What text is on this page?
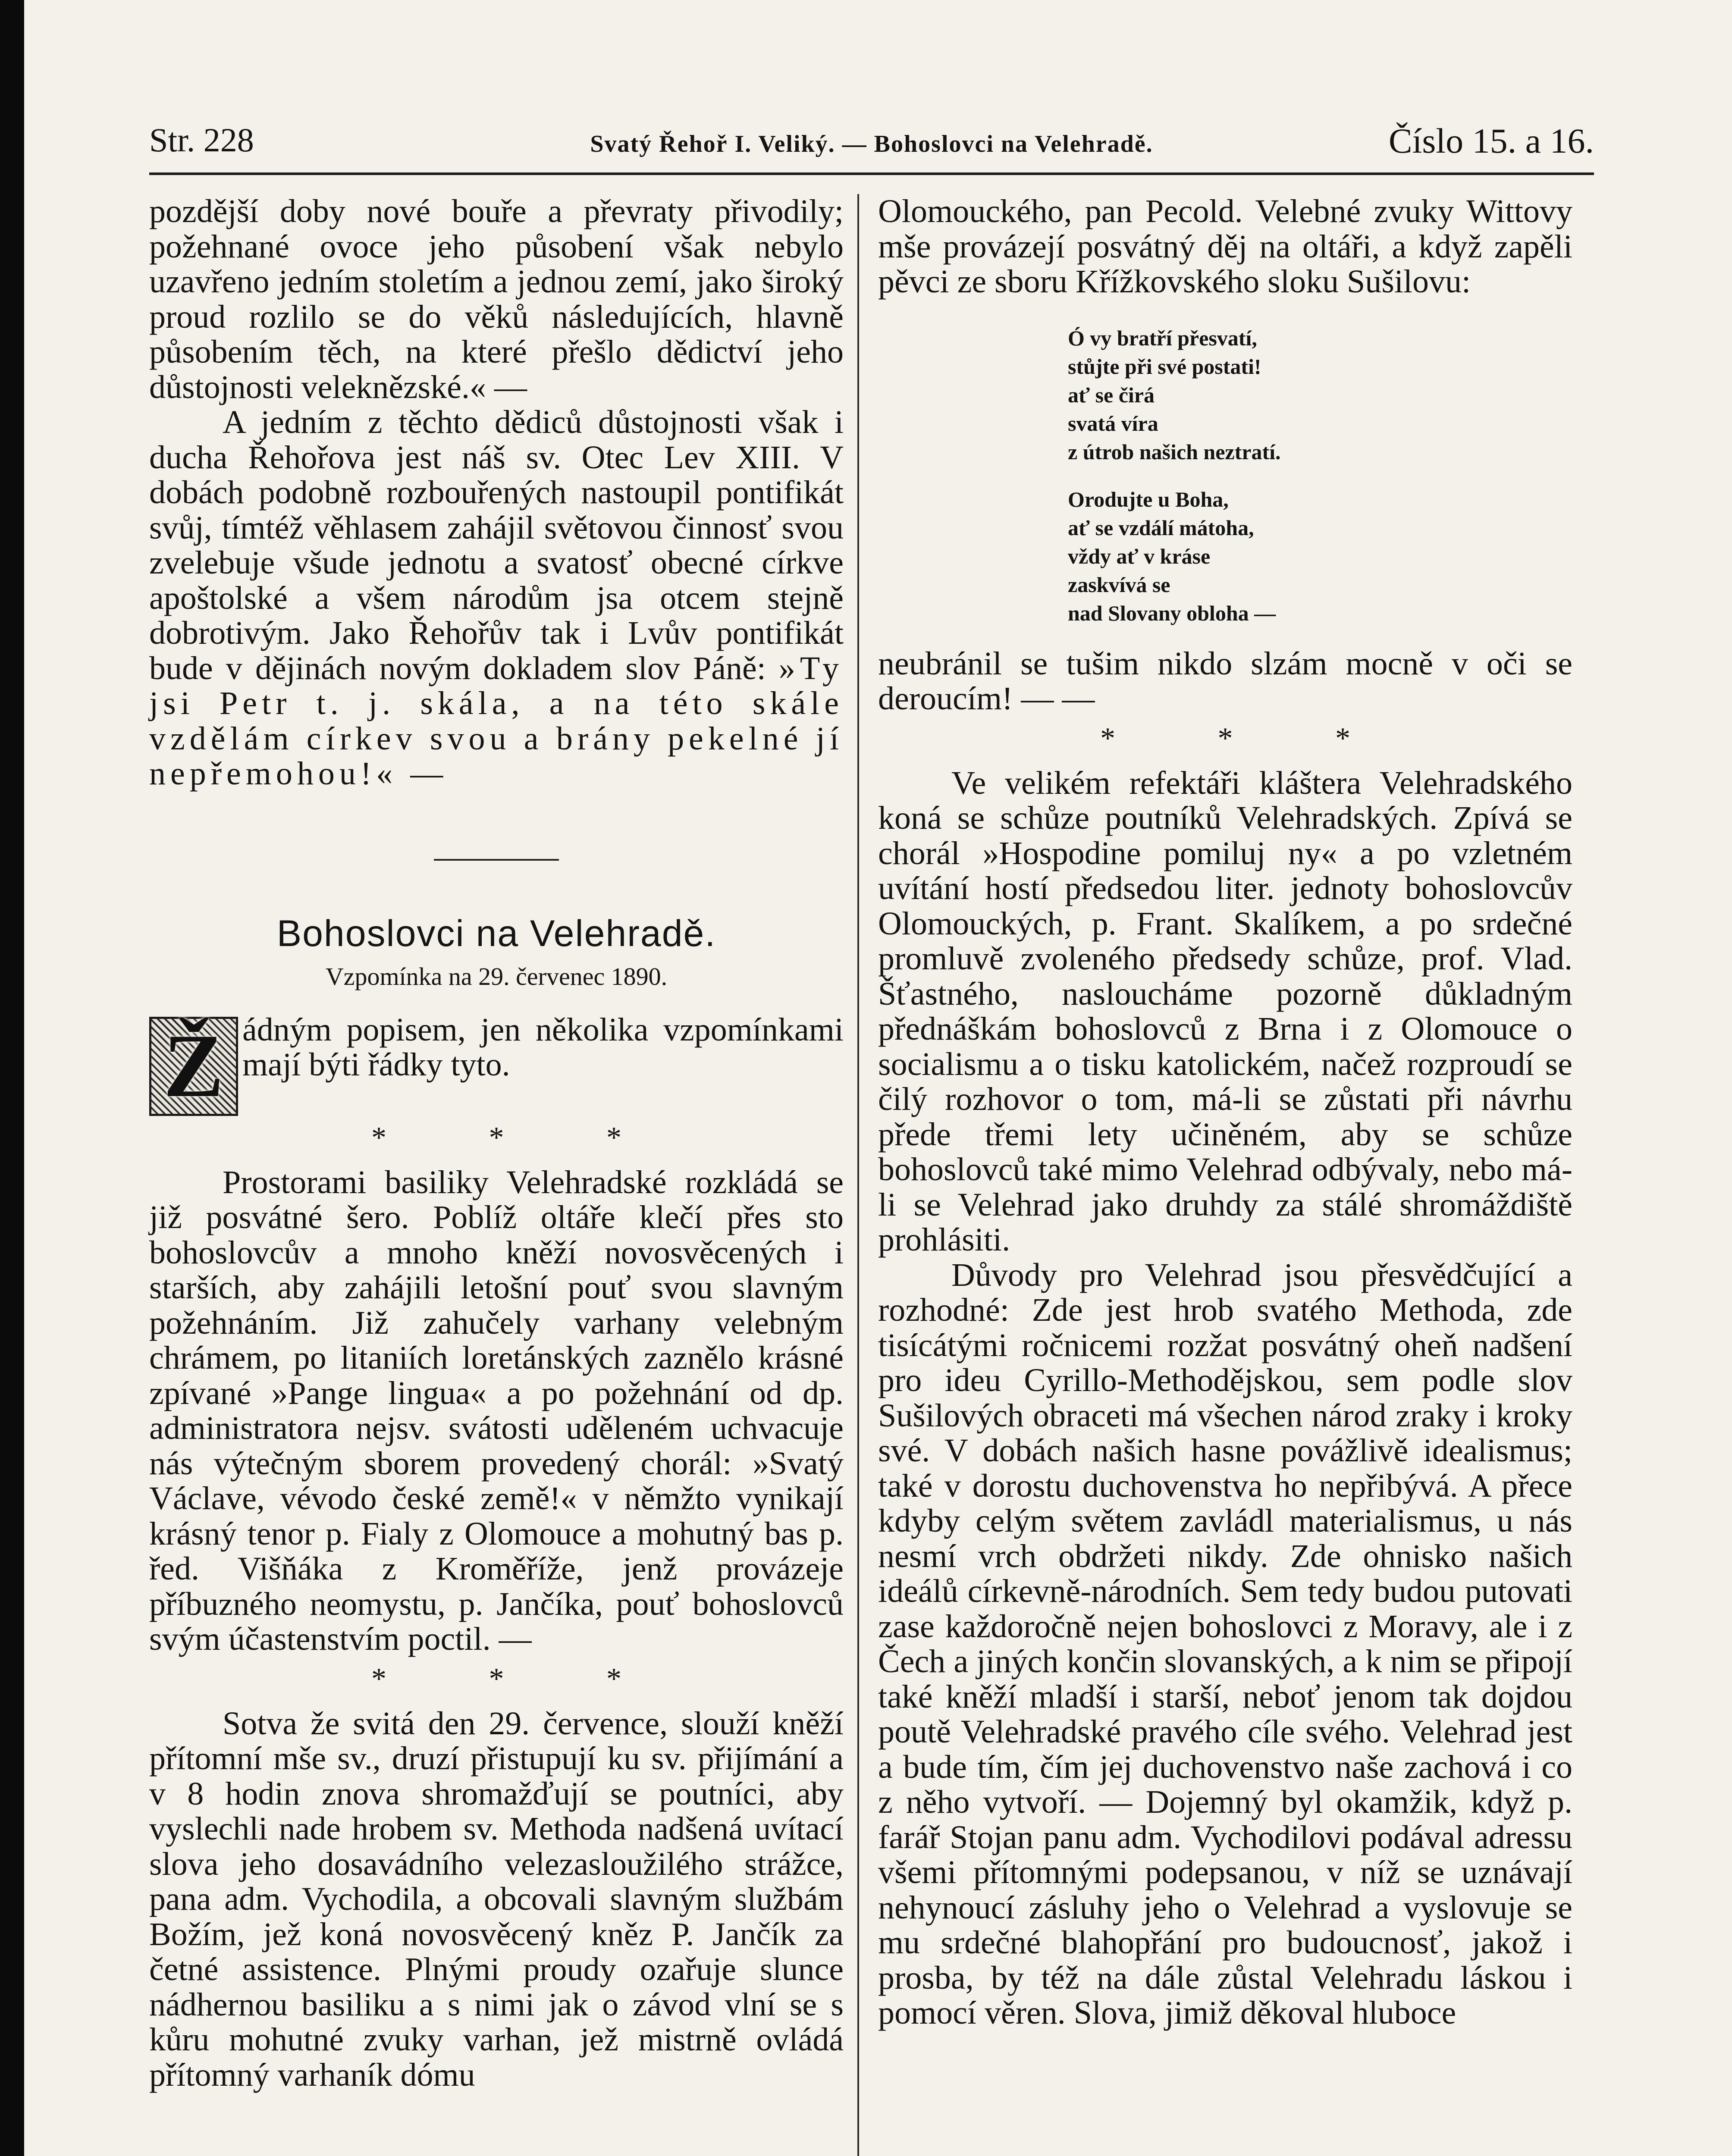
Str. 228	Svatý Řehoř I. Veliký. — Bohoslovci na Velehradě.	Číslo 15. a 16.

pozdější doby nové bouře a převraty přivodily; požehnané ovoce jeho působení však nebylo uzavřeno jedním stoletím a jednou zemí, jako široký proud rozlilo se do věků následujících, hlavně působením těch, na které přešlo dědictví jeho důstojnosti veleknězské.« —

A jedním z těchto dědiců důstojnosti však i ducha Řehořova jest náš sv. Otec Lev XIII. V dobách podobně rozbouřených nastoupil pontifikát svůj, tímtéž věhlasem zahájil světovou činnosť svou zvelebuje všude jednotu a svatosť obecné církve apoštolské a všem národům jsa otcem stejně dobrotivým. Jako Řehořův tak i Lvův pontifikát bude v dějinách novým dokladem slov Páně: »Ty jsi Petr t. j. skála, a na této skále vzdělám církev svou a brány pekelné jí nepřemohou!« —

Bohoslovci na Velehradě.
Vzpomínka na 29. červenec 1890.
Ž ádným popisem, jen několika vzpomínkami mají býti řádky tyto.

* * *

Prostorami basiliky Velehradské rozkládá se již posvátné šero. Poblíž oltáře klečí přes sto bohoslovcův a mnoho kněží novosvěcených i starších, aby zahájili letošní pouť svou slavným požehnáním. Již zahučely varhany velebným chrámem, po litaniích loretánských zaznělo krásné zpívané »Pange lingua« a po požehnání od dp. administratora nejsv. svátosti uděleném uchvacuje nás výtečným sborem provedený chorál: »Svatý Václave, vévodo české země!« v němžto vynikají krásný tenor p. Fialy z Olomouce a mohutný bas p. řed. Višňáka z Kroměříže, jenž provázeje příbuzného neomystu, p. Jančíka, pouť bohoslovců svým účastenstvím poctil. —

* * *

Sotva že svitá den 29. července, slouží kněží přítomní mše sv., druzí přistupují ku sv. přijímání a v 8 hodin znova shromažďují se poutníci, aby vyslechli nade hrobem sv. Methoda nadšená uvítací slova jeho dosavádního velezasloužilého strážce, pana adm. Vychodila, a obcovali slavným službám Božím, jež koná novosvěcený kněz P. Jančík za četné assistence. Plnými proudy ozařuje slunce nádhernou basiliku a s nimi jak o závod vlní se s kůru mohutné zvuky varhan, jež mistrně ovládá přítomný varhaník dómu

Olomouckého, pan Pecold. Velebné zvuky Wittovy mše provázejí posvátný děj na oltáři, a když zapěli pěvci ze sboru Křížkovského sloku Sušilovu:

Ó vy bratří přesvatí,
stůjte při své postati!
ať se čirá
svatá víra
z útrob našich neztratí.
Orodujte u Boha,
ať se vzdálí mátoha,
vždy ať v kráse
zaskvívá se
nad Slovany obloha —

neubránil se tušim nikdo slzám mocně v oči se deroucím! — —

* * *

Ve velikém refektáři kláštera Velehradského koná se schůze poutníků Velehradských. Zpívá se chorál »Hospodine pomiluj ny« a po vzletném uvítání hostí předsedou liter. jednoty bohoslovcův Olomouckých, p. Frant. Skalíkem, a po srdečné promluvě zvoleného předsedy schůze, prof. Vlad. Šťastného, nasloucháme pozorně důkladným přednáškám bohoslovců z Brna i z Olomouce o socialismu a o tisku katolickém, načež rozproudí se čilý rozhovor o tom, má-li se zůstati při návrhu přede třemi lety učiněném, aby se schůze bohoslovců také mimo Velehrad odbývaly, nebo má-li se Velehrad jako druhdy za stálé shromáždiště prohlásiti.

Důvody pro Velehrad jsou přesvědčující a rozhodné: Zde jest hrob svatého Methoda, zde tisícátými ročnicemi rozžat posvátný oheň nadšení pro ideu Cyrillo-Methodějskou, sem podle slov Sušilových obraceti má všechen národ zraky i kroky své. V dobách našich hasne povážlivě idealismus; také v dorostu duchovenstva ho nepřibývá. A přece kdyby celým světem zavládl materialismus, u nás nesmí vrch obdržeti nikdy. Zde ohnisko našich ideálů církevně-národních. Sem tedy budou putovati zase každoročně nejen bohoslovci z Moravy, ale i z Čech a jiných končin slovanských, a k nim se připojí také kněží mladší i starší, neboť jenom tak dojdou poutě Velehradské pravého cíle svého. Velehrad jest a bude tím, čím jej duchovenstvo naše zachová i co z něho vytvoří. — Dojemný byl okamžik, když p. farář Stojan panu adm. Vychodilovi podával adressu všemi přítomnými podepsanou, v níž se uznávají nehynoucí zásluhy jeho o Velehrad a vyslovuje se mu srdečné blahopřání pro budoucnosť, jakož i prosba, by též na dále zůstal Velehradu láskou i pomocí věren. Slova, jimiž děkoval hluboce
